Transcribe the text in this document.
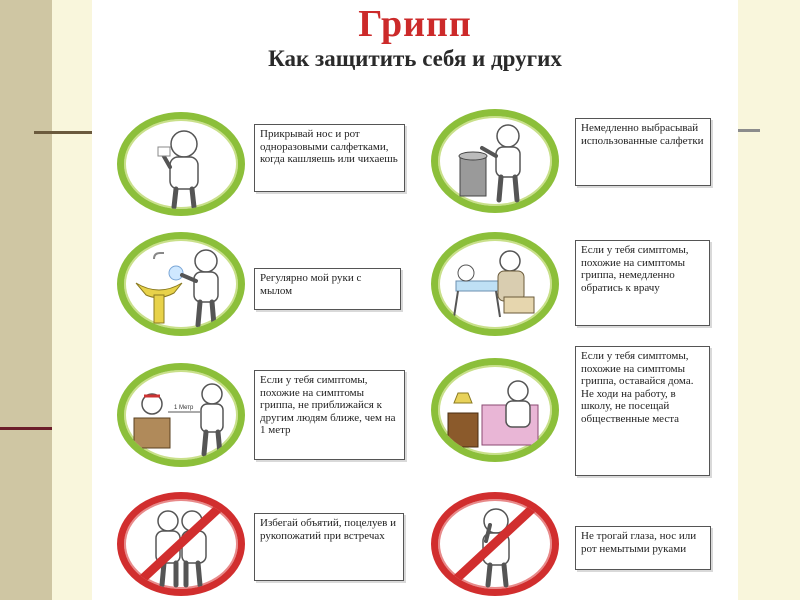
Грипп
Как защитить себя и других
Прикрывай нос и рот одноразовыми салфетками, когда кашляешь или чихаешь
Немедленно выбрасывай использованные салфетки
Регулярно мой руки с мылом
Если у тебя симптомы, похожие на симптомы гриппа, немедленно обратись к врачу
1 Метр
Если у тебя симптомы, похожие на симптомы гриппа, не приближайся к другим людям ближе, чем на 1 метр
Если у тебя симптомы, похожие на симптомы гриппа, оставайся дома. Не ходи на работу, в школу, не посещай общественные места
Избегай объятий, поцелуев и рукопожатий при встречах	Не трогай глаза, нос или рот немытыми руками
